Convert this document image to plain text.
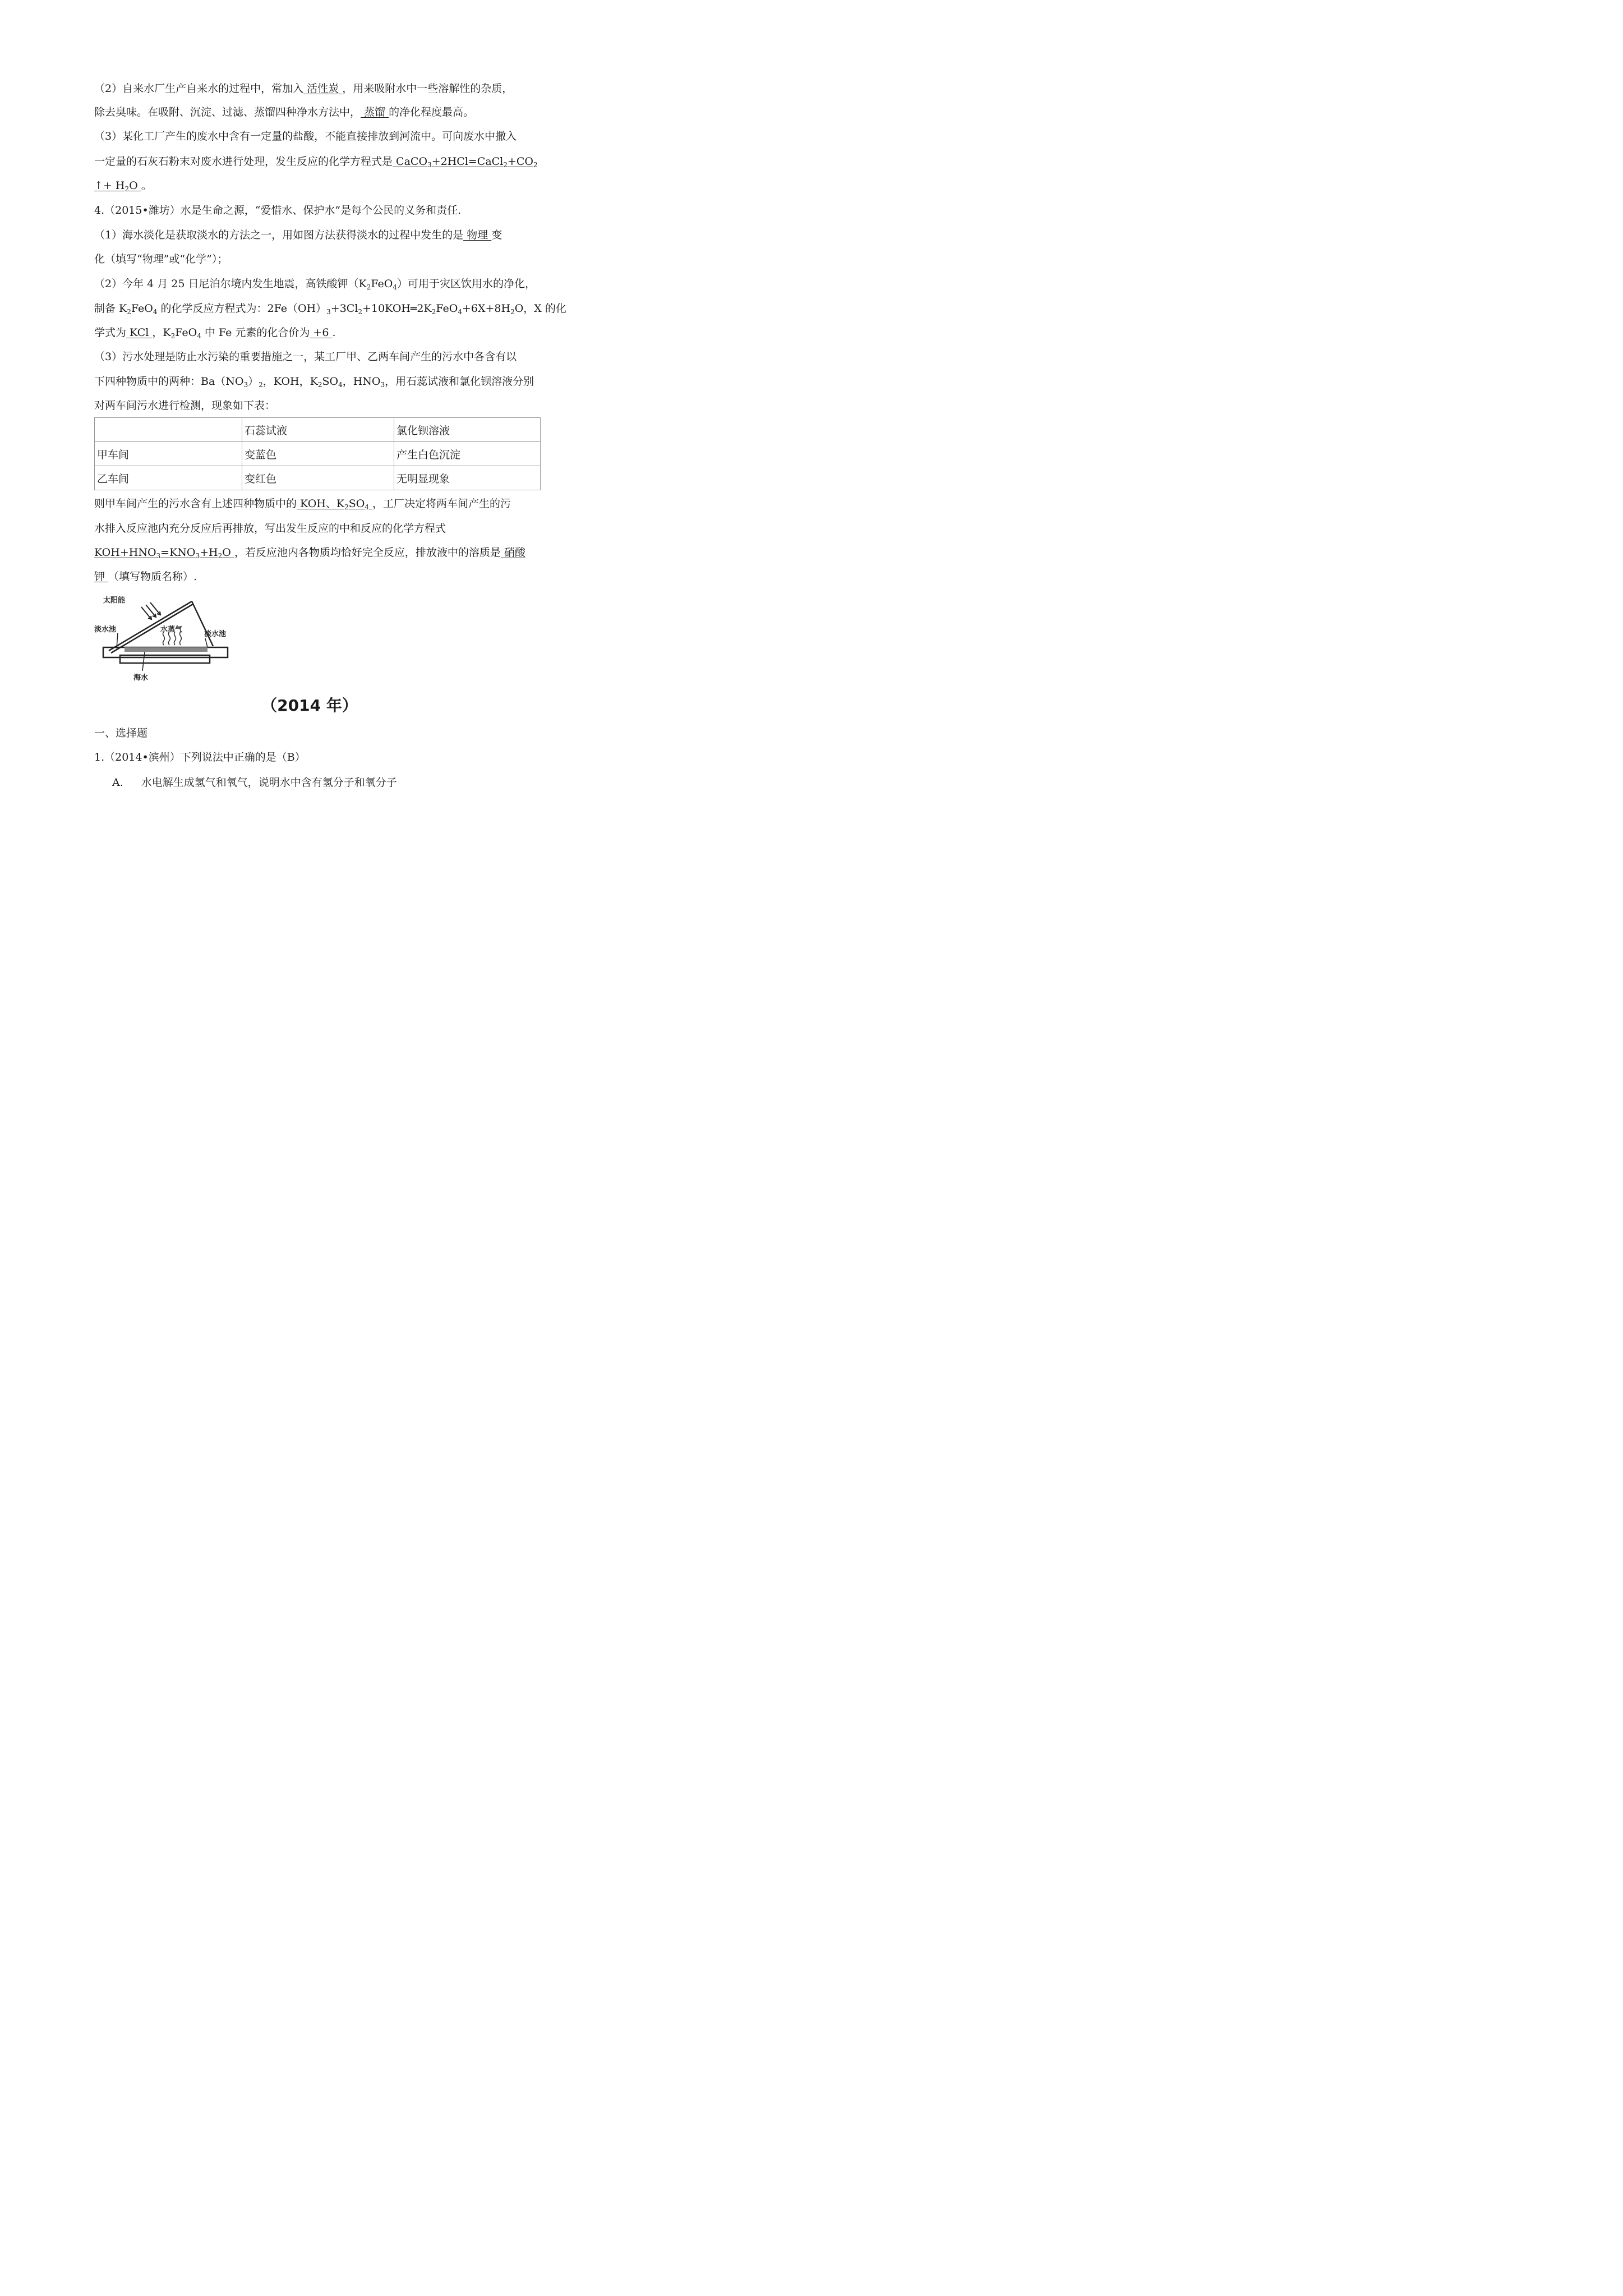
（2）自来水厂生产自来水的过程中，常加入 活性炭 ，用来吸附水中一些溶解性的杂质，
除去臭味。在吸附、沉淀、过滤、蒸馏四种净水方法中， 蒸馏 的净化程度最高。
（3）某化工厂产生的废水中含有一定量的盐酸，不能直接排放到河流中。可向废水中撒入
一定量的石灰石粉末对废水进行处理，发生反应的化学方程式是 $CaCO_3+2HCl=CaCl_2+CO_2$
↑+ $H_2O$ 。
4.（2015•潍坊）水是生命之源，“爱惜水、保护水”是每个公民的义务和责任.
（1）海水淡化是获取淡水的方法之一，用如图方法获得淡水的过程中发生的是 物理 变
化（填写“物理”或“化学”）；
（2）今年 4 月 25 日尼泊尔境内发生地震，高铁酸钾$(K_2FeO_4)$可用于灾区饮用水的净化，
制备 $K_2FeO_4$ 的化学反应方程式为：$2Fe(OH)_3+3Cl_2+10KOH═2K_2FeO_4+6X+8H_2O$，X 的化
学式为 KCl ，$K_2FeO_4$ 中 Fe 元素的化合价为 +6 .
（3）污水处理是防止水污染的重要措施之一，某工厂甲、乙两车间产生的污水中各含有以
下四种物质中的两种：$Ba(NO_3)_2$，KOH，$K_2SO_4$，$HNO_3$，用石蕊试液和氯化钡溶液分别
对两车间污水进行检测，现象如下表：
	石蕊试液	氯化钡溶液
甲车间	变蓝色	产生白色沉淀
乙车间	变红色	无明显现象
则甲车间产生的污水含有上述四种物质中的 KOH、$K_2SO_4$ ，工厂决定将两车间产生的污
水排入反应池内充分反应后再排放，写出发生反应的中和反应的化学方程式
$KOH+HNO_3=KNO_3+H_2O$ ，若反应池内各物质均恰好完全反应，排放液中的溶质是 硝酸
钾 （填写物质名称）.
太阳能
淡水池	水蒸气
淡水池
海水
（2014 年）
一、选择题
1.（2014•滨州）下列说法中正确的是（B）
A. 水电解生成氢气和氧气，说明水中含有氢分子和氧分子
